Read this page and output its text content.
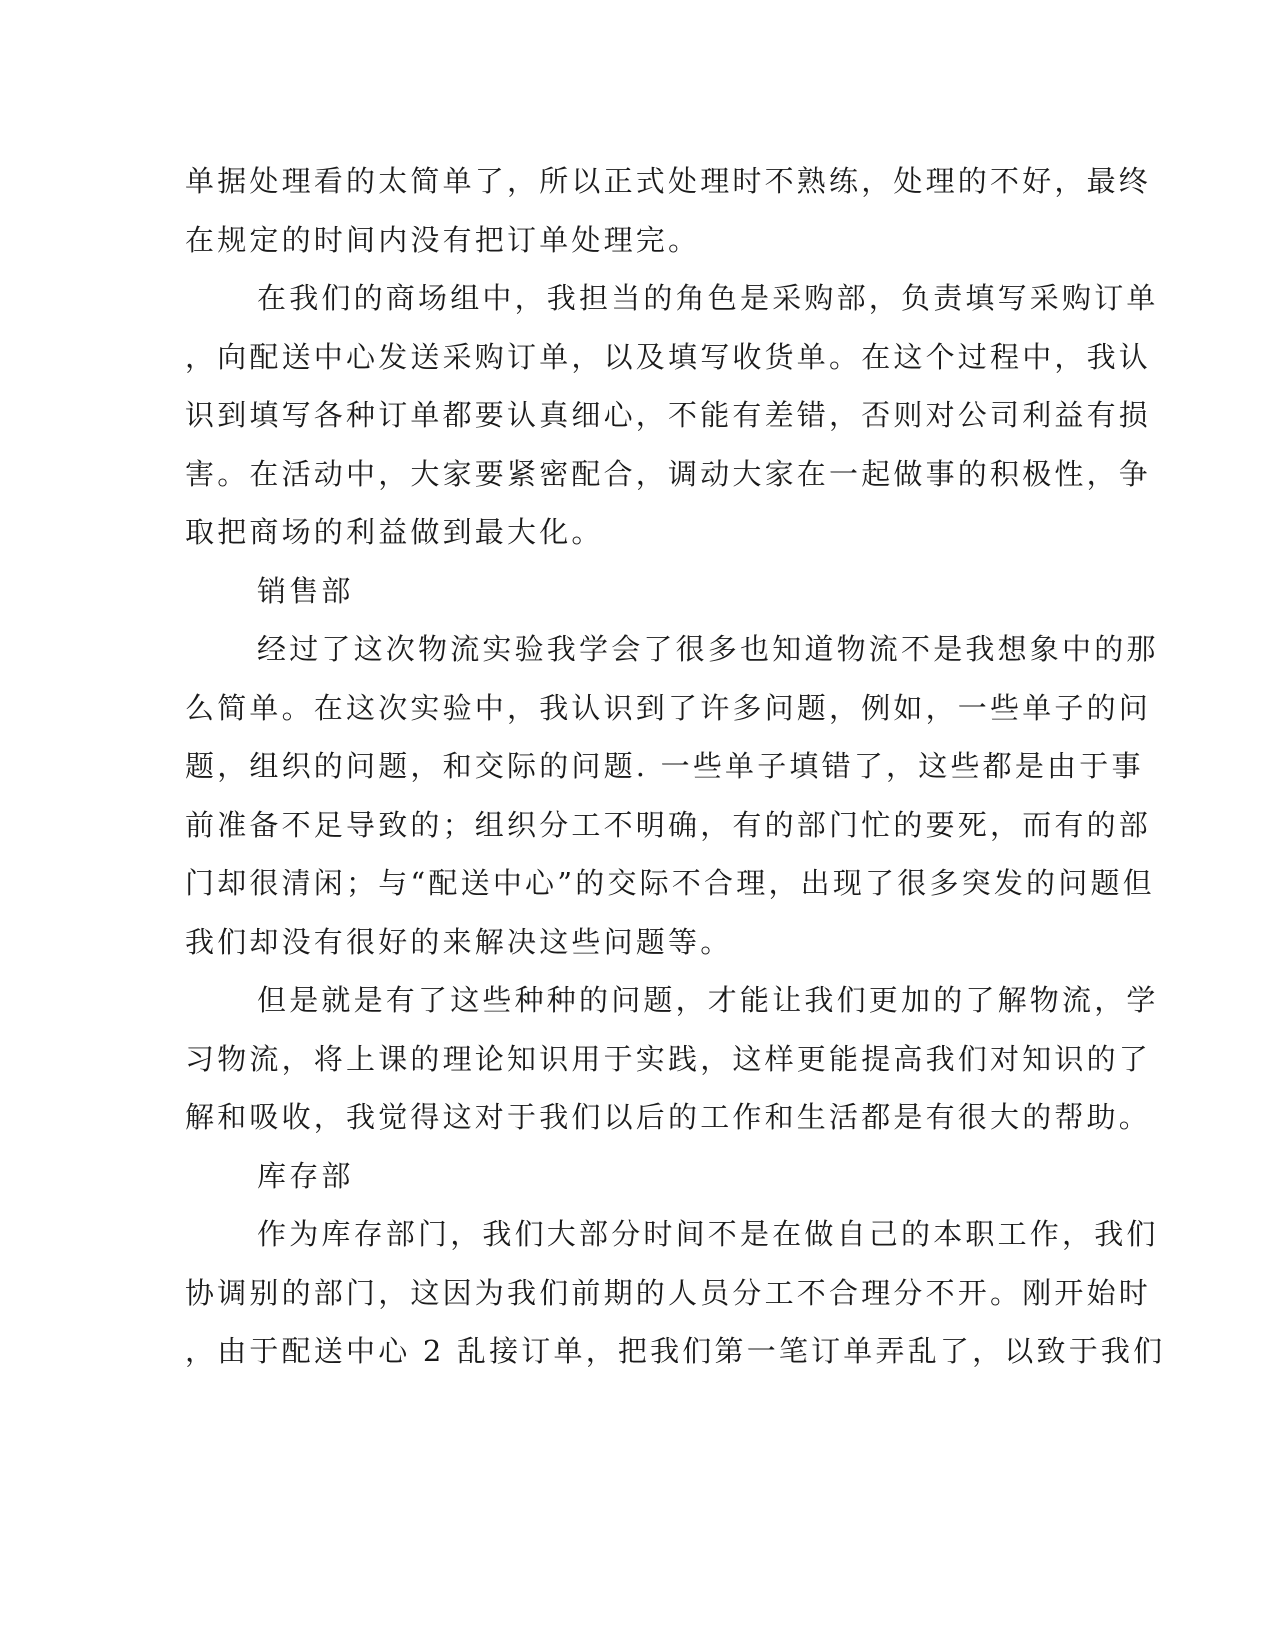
单据处理看的太简单了，所以正式处理时不熟练，处理的不好，最终
在规定的时间内没有把订单处理完。
在我们的商场组中，我担当的角色是采购部，负责填写采购订单
，向配送中心发送采购订单，以及填写收货单。在这个过程中，我认
识到填写各种订单都要认真细心，不能有差错，否则对公司利益有损
害。在活动中，大家要紧密配合，调动大家在一起做事的积极性，争
取把商场的利益做到最大化。
销售部
经过了这次物流实验我学会了很多也知道物流不是我想象中的那
么简单。在这次实验中，我认识到了许多问题，例如，一些单子的问
题，组织的问题，和交际的问题. 一些单子填错了，这些都是由于事
前准备不足导致的；组织分工不明确，有的部门忙的要死，而有的部
门却很清闲；与“配送中心”的交际不合理，出现了很多突发的问题但
我们却没有很好的来解决这些问题等。
但是就是有了这些种种的问题，才能让我们更加的了解物流，学
习物流，将上课的理论知识用于实践，这样更能提高我们对知识的了
解和吸收，我觉得这对于我们以后的工作和生活都是有很大的帮助。
库存部
作为库存部门，我们大部分时间不是在做自己的本职工作，我们
协调别的部门，这因为我们前期的人员分工不合理分不开。刚开始时
，由于配送中心 2 乱接订单，把我们第一笔订单弄乱了，以致于我们
